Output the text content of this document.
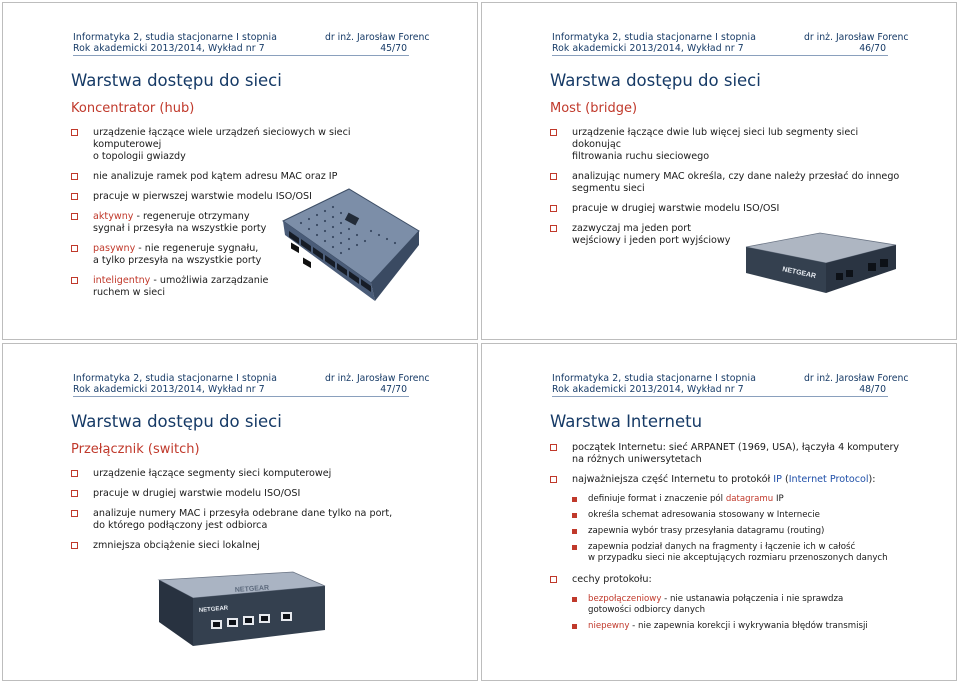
Informatyka 2, studia stacjonarne I stopnia
Rok akademicki 2013/2014, Wykład nr 7
dr inż. Jarosław Forenc
45/70
Warstwa dostępu do sieci
Koncentrator (hub)
urządzenie łączące wiele urządzeń sieciowych w sieci komputerowej
o topologii gwiazdy
nie analizuje ramek pod kątem adresu MAC oraz IP
pracuje w pierwszej warstwie modelu ISO/OSI
aktywny - regeneruje otrzymany
sygnał i przesyła na wszystkie porty
pasywny - nie regeneruje sygnału,
a tylko przesyła na wszystkie porty
inteligentny - umożliwia zarządzanie
ruchem w sieci
Informatyka 2, studia stacjonarne I stopnia
Rok akademicki 2013/2014, Wykład nr 7
dr inż. Jarosław Forenc
46/70
Warstwa dostępu do sieci
Most (bridge)
urządzenie łączące dwie lub więcej sieci lub segmenty sieci dokonując
filtrowania ruchu sieciowego
analizując numery MAC określa, czy dane należy przesłać do innego
segmentu sieci
pracuje w drugiej warstwie modelu ISO/OSI
zazwyczaj ma jeden port
wejściowy i jeden port wyjściowy
NETGEAR
Informatyka 2, studia stacjonarne I stopnia
Rok akademicki 2013/2014, Wykład nr 7
dr inż. Jarosław Forenc
47/70
Warstwa dostępu do sieci
Przełącznik (switch)
urządzenie łączące segmenty sieci komputerowej
pracuje w drugiej warstwie modelu ISO/OSI
analizuje numery MAC i przesyła odebrane dane tylko na port,
do którego podłączony jest odbiorca
zmniejsza obciążenie sieci lokalnej
NETGEAR
NETGEAR
Informatyka 2, studia stacjonarne I stopnia
Rok akademicki 2013/2014, Wykład nr 7
dr inż. Jarosław Forenc
48/70
Warstwa Internetu
początek Internetu: sieć ARPANET (1969, USA), łączyła 4 komputery
na różnych uniwersytetach
najważniejsza część Internetu to protokół IP (Internet Protocol):
definiuje format i znaczenie pól datagramu IP
określa schemat adresowania stosowany w Internecie
zapewnia wybór trasy przesyłania datagramu (routing)
zapewnia podział danych na fragmenty i łączenie ich w całość
w przypadku sieci nie akceptujących rozmiaru przenoszonych danych
cechy protokołu:
bezpołączeniowy - nie ustanawia połączenia i nie sprawdza
gotowości odbiorcy danych
niepewny - nie zapewnia korekcji i wykrywania błędów transmisji
